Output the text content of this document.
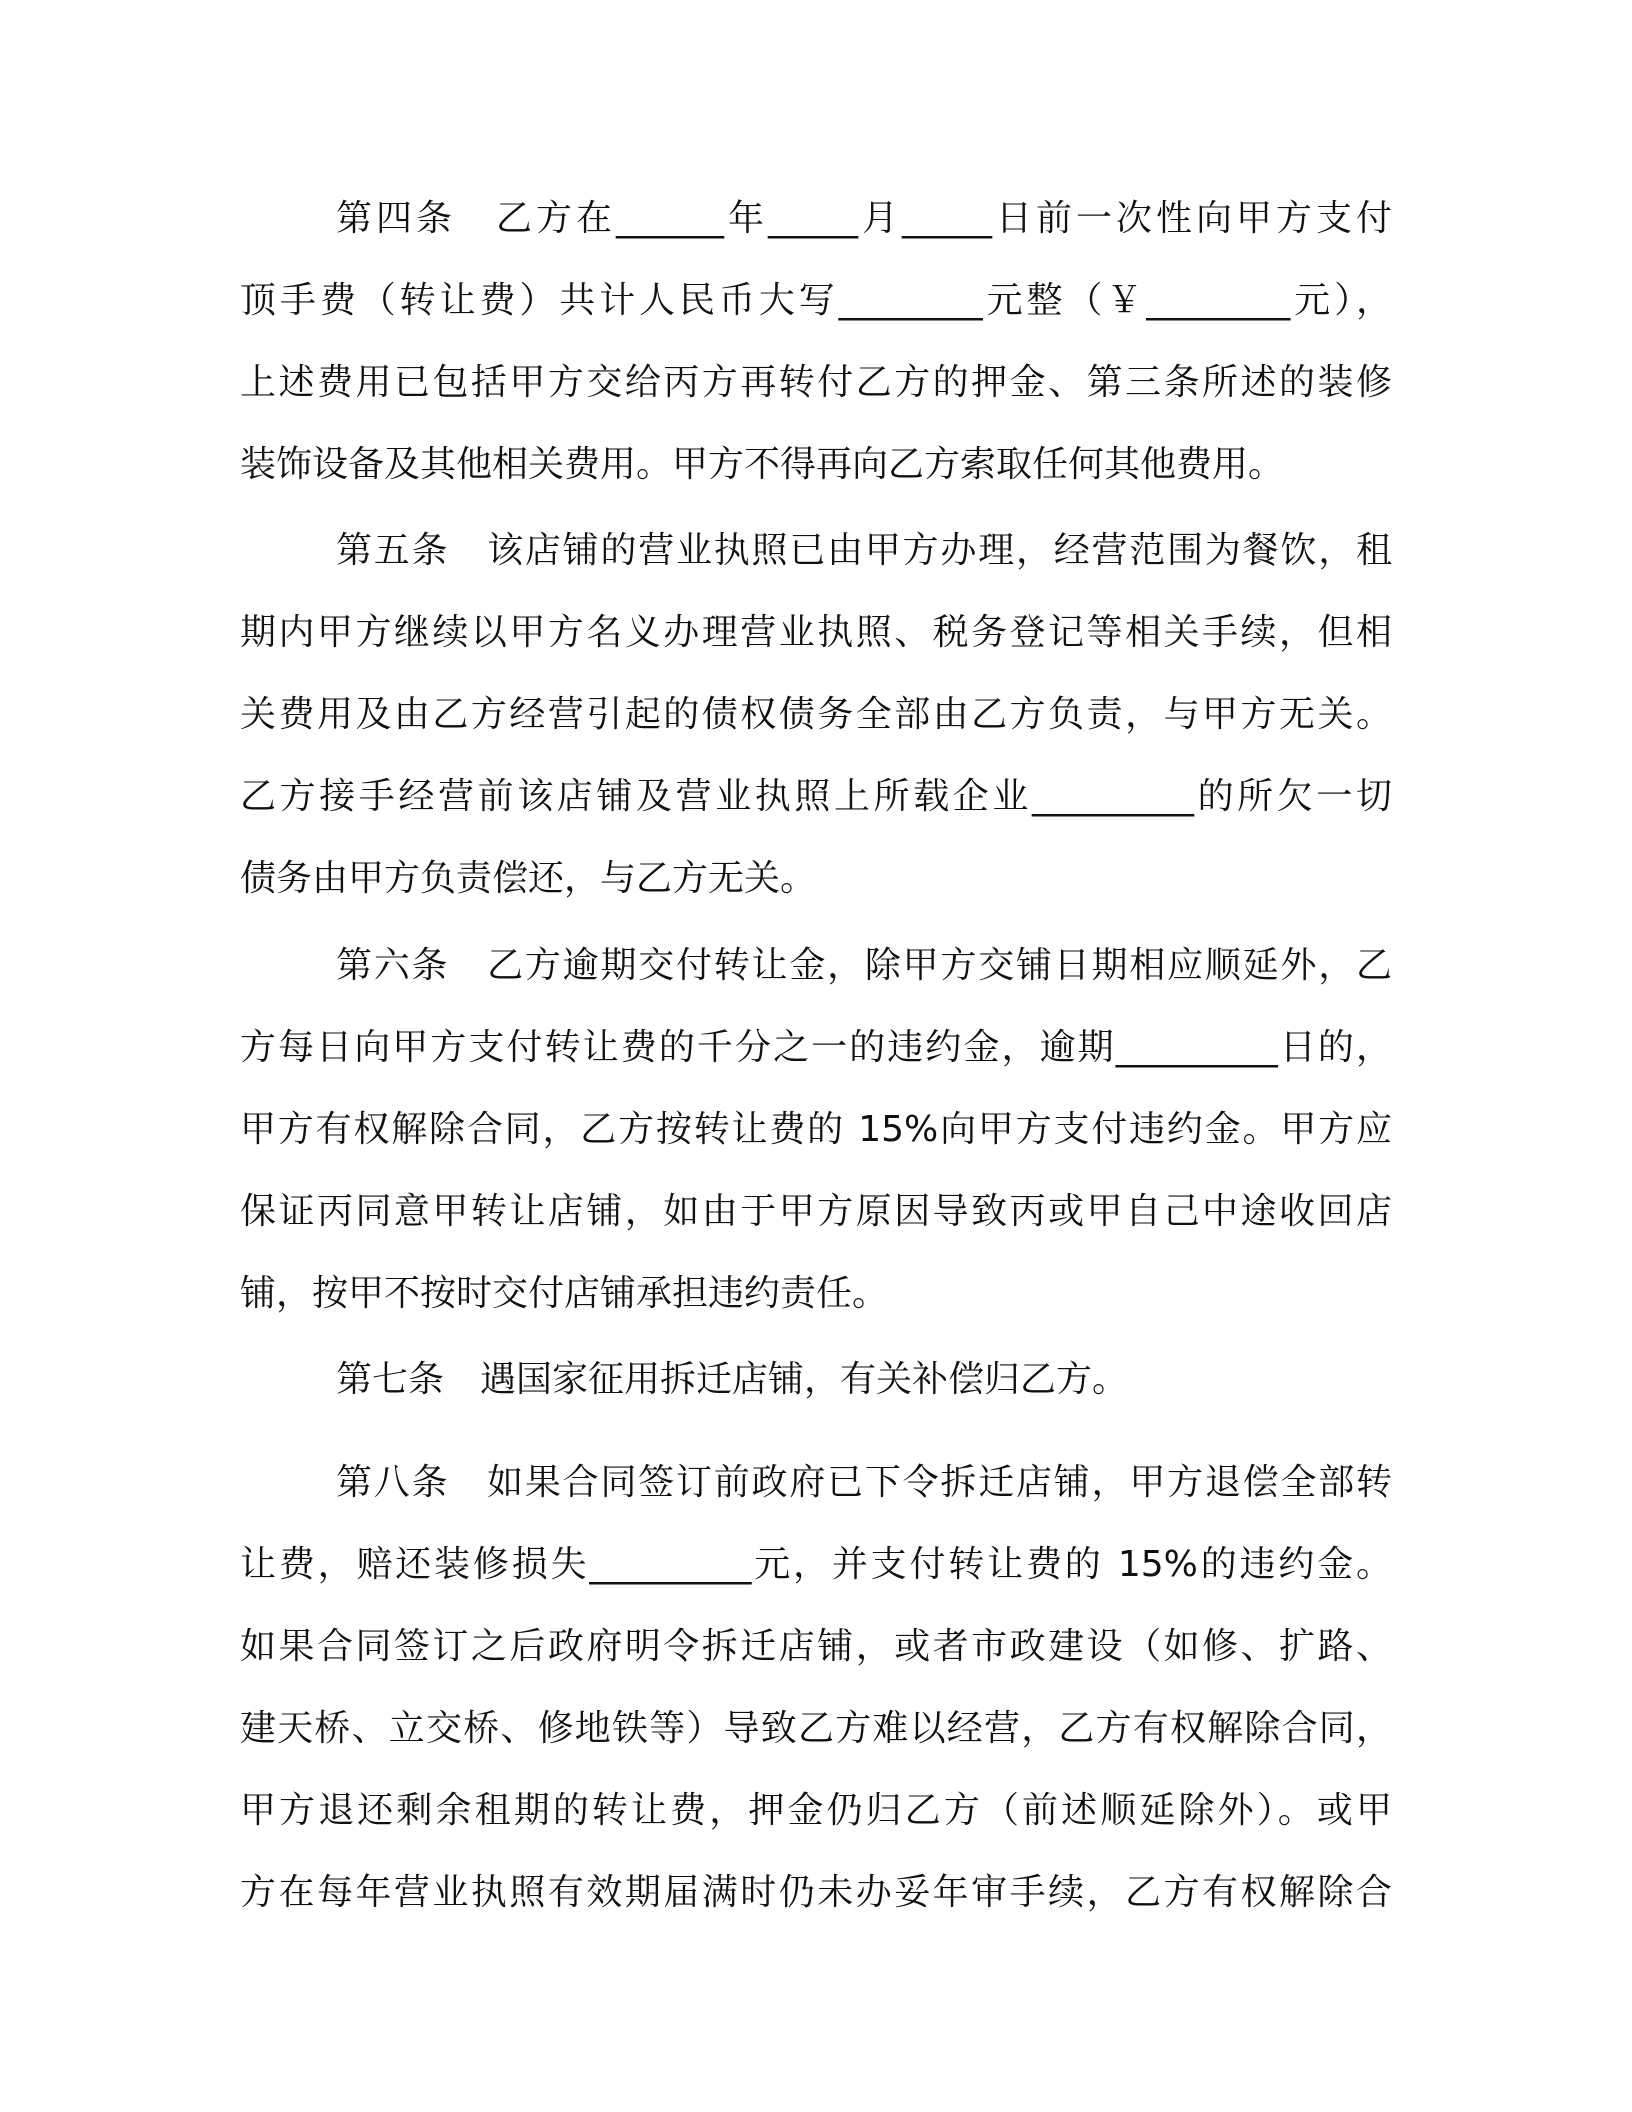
第四条　乙方在______年_____月_____日前一次性向甲方支付
顶手费（转让费）共计人民币大写________元整（￥________元），
上述费用已包括甲方交给丙方再转付乙方的押金、第三条所述的装修
装饰设备及其他相关费用。甲方不得再向乙方索取任何其他费用。
第五条　该店铺的营业执照已由甲方办理，经营范围为餐饮，租
期内甲方继续以甲方名义办理营业执照、税务登记等相关手续，但相
关费用及由乙方经营引起的债权债务全部由乙方负责，与甲方无关。
乙方接手经营前该店铺及营业执照上所载企业_________的所欠一切
债务由甲方负责偿还，与乙方无关。
第六条　乙方逾期交付转让金，除甲方交铺日期相应顺延外，乙
方每日向甲方支付转让费的千分之一的违约金，逾期_________日的，
甲方有权解除合同，乙方按转让费的 15%向甲方支付违约金。甲方应
保证丙同意甲转让店铺，如由于甲方原因导致丙或甲自己中途收回店
铺，按甲不按时交付店铺承担违约责任。
第七条　遇国家征用拆迁店铺，有关补偿归乙方。
第八条　如果合同签订前政府已下令拆迁店铺，甲方退偿全部转
让费，赔还装修损失_________元，并支付转让费的 15%的违约金。
如果合同签订之后政府明令拆迁店铺，或者市政建设（如修、扩路、
建天桥、立交桥、修地铁等）导致乙方难以经营，乙方有权解除合同，
甲方退还剩余租期的转让费，押金仍归乙方（前述顺延除外）。或甲
方在每年营业执照有效期届满时仍未办妥年审手续，乙方有权解除合
